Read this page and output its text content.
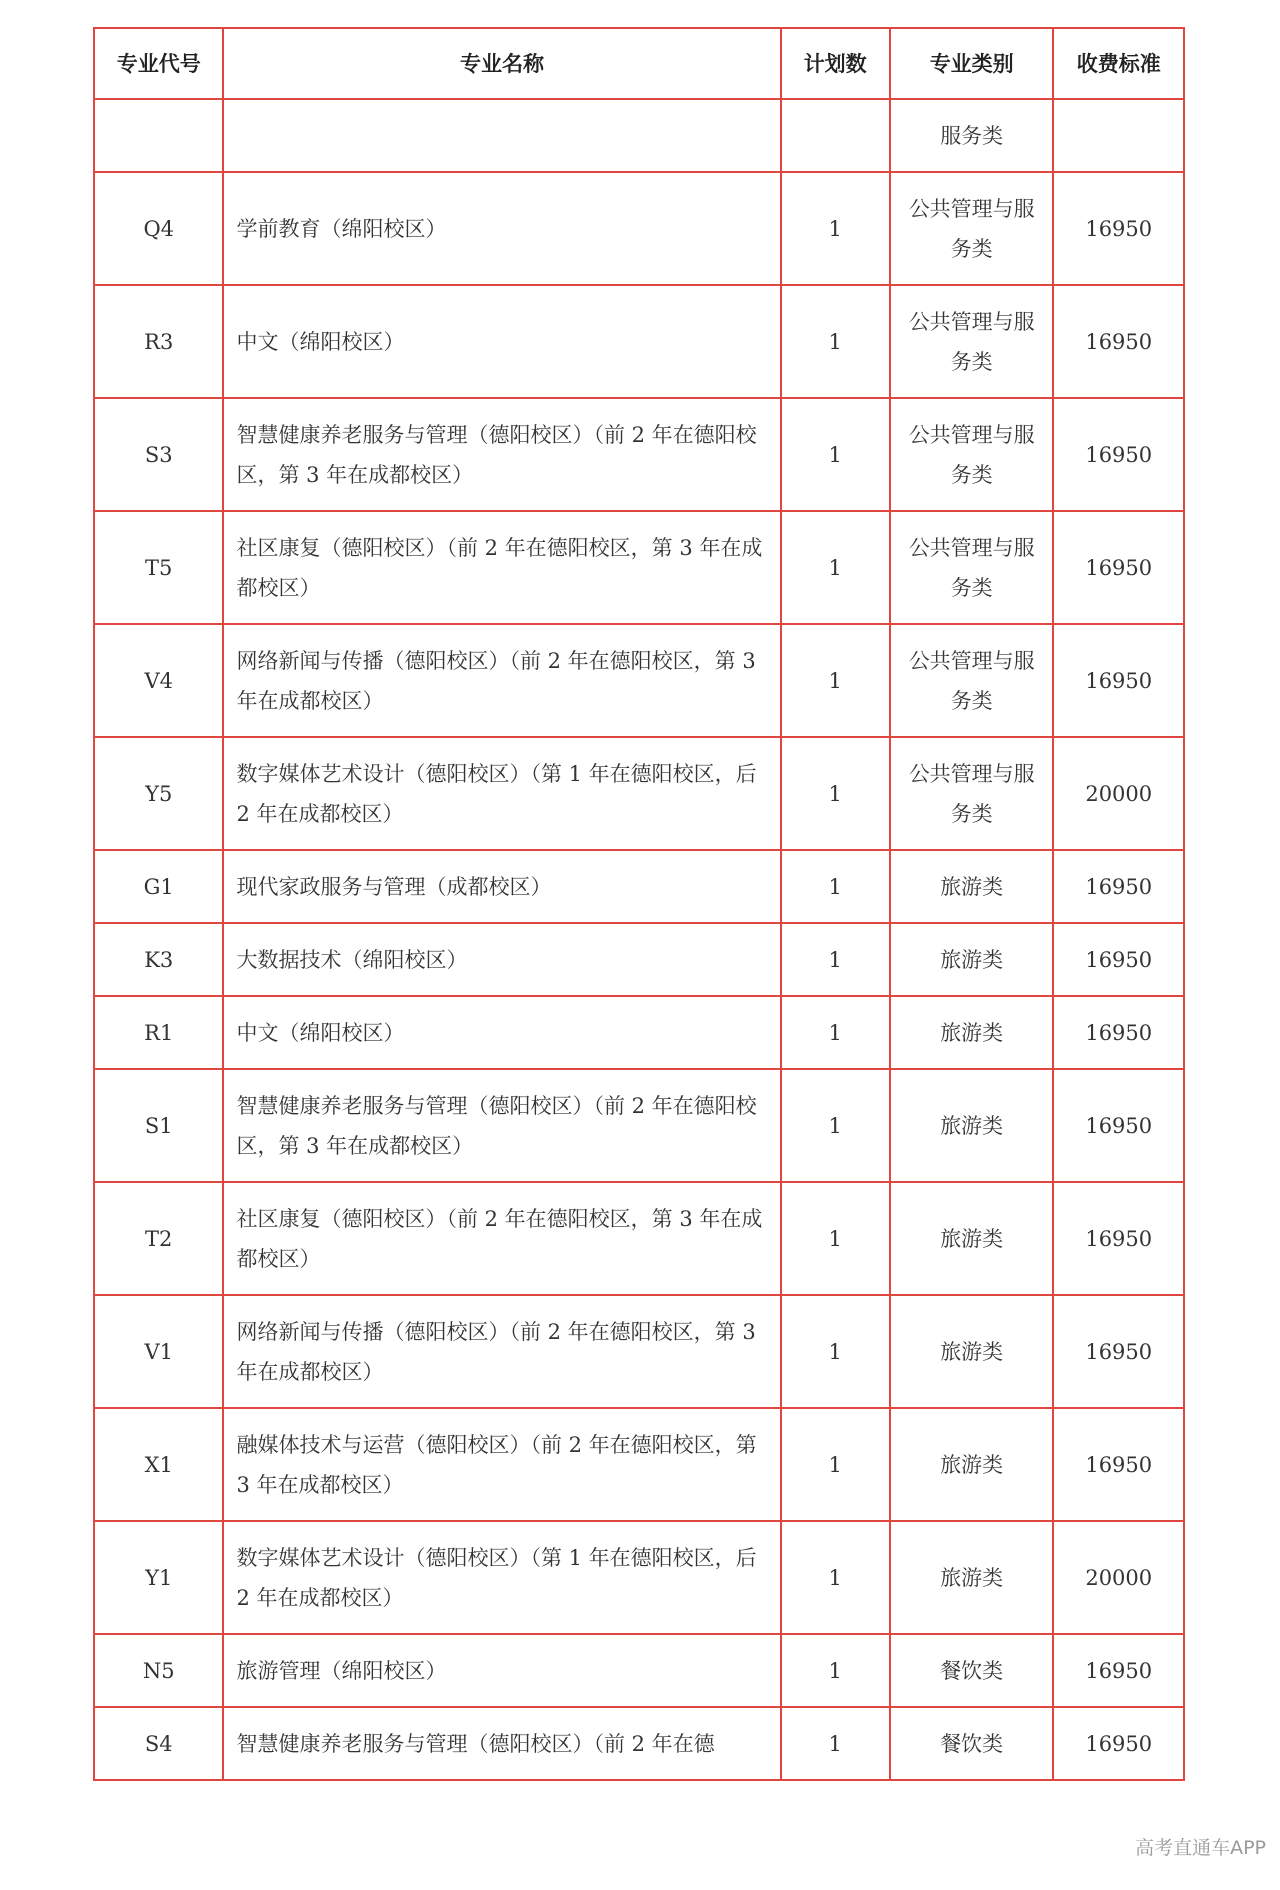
专业代号	专业名称	计划数	专业类别	收费标准
			服务类	
Q4	学前教育（绵阳校区）	1	公共管理与服务类	16950
R3	中文（绵阳校区）	1	公共管理与服务类	16950
S3	智慧健康养老服务与管理（德阳校区）（前 2 年在德阳校区，第 3 年在成都校区）	1	公共管理与服务类	16950
T5	社区康复（德阳校区）（前 2 年在德阳校区，第 3 年在成都校区）	1	公共管理与服务类	16950
V4	网络新闻与传播（德阳校区）（前 2 年在德阳校区，第 3 年在成都校区）	1	公共管理与服务类	16950
Y5	数字媒体艺术设计（德阳校区）（第 1 年在德阳校区，后 2 年在成都校区）	1	公共管理与服务类	20000
G1	现代家政服务与管理（成都校区）	1	旅游类	16950
K3	大数据技术（绵阳校区）	1	旅游类	16950
R1	中文（绵阳校区）	1	旅游类	16950
S1	智慧健康养老服务与管理（德阳校区）（前 2 年在德阳校区，第 3 年在成都校区）	1	旅游类	16950
T2	社区康复（德阳校区）（前 2 年在德阳校区，第 3 年在成都校区）	1	旅游类	16950
V1	网络新闻与传播（德阳校区）（前 2 年在德阳校区，第 3 年在成都校区）	1	旅游类	16950
X1	融媒体技术与运营（德阳校区）（前 2 年在德阳校区，第 3 年在成都校区）	1	旅游类	16950
Y1	数字媒体艺术设计（德阳校区）（第 1 年在德阳校区，后 2 年在成都校区）	1	旅游类	20000
N5	旅游管理（绵阳校区）	1	餐饮类	16950
S4	智慧健康养老服务与管理（德阳校区）（前 2 年在德	1	餐饮类	16950
高考直通车APP
